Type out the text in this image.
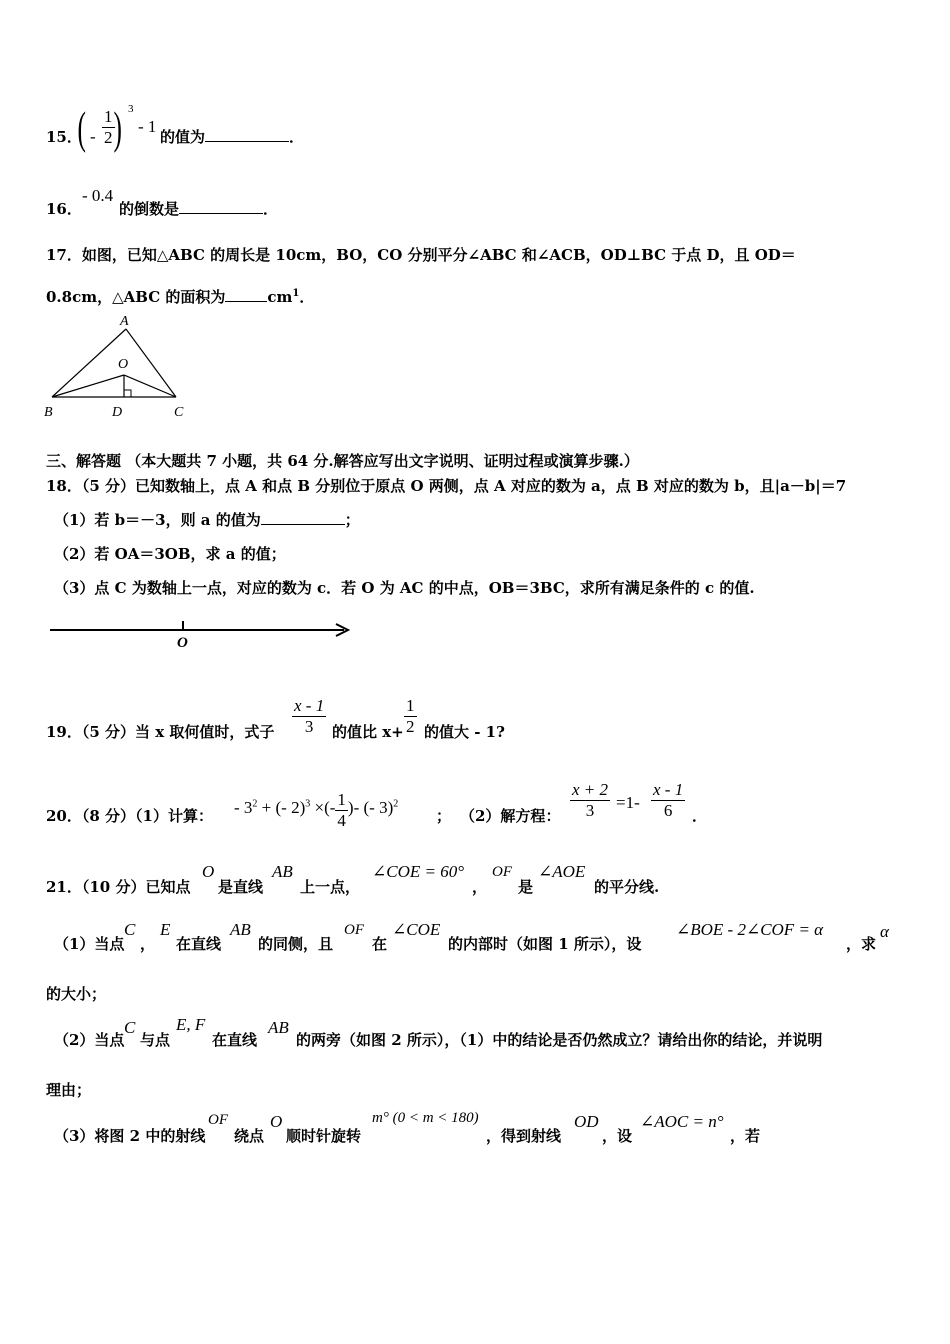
15．
( - $\frac{1}{2}$
) 3
- 1
的值为	．
16．
- 0.4
的倒数是	．
17．如图，已知△ABC 的周长是 10cm，BO，CO 分别平分∠ABC 和∠ACB，OD⊥BC 于点 D，且 OD＝
0.8cm，△ABC 的面积为	$cm^1$．
A
O
B	D	C
三、解答题 （本大题共 7 小题，共 64 分.解答应写出文字说明、证明过程或演算步骤.）
18．（5 分）已知数轴上，点 A 和点 B 分别位于原点 O 两侧，点 A 对应的数为 a，点 B 对应的数为 b，且|a－b|＝7
（1）若 b＝－3，则 a 的值为	；
（2）若 OA＝3OB，求 a 的值；
（3）点 C 为数轴上一点，对应的数为 c．若 O 为 AC 的中点，OB＝3BC，求所有满足条件的 c 的值.
O
19．（5 分）当 x 取何值时，式子 $\frac{x - 1}{3}$ 的值比 $x+ \frac{1}{2}$ 的值大 - 1?
20．（8 分）（1）计算： - $3^2$ + (- 2)$^3$ ×(- $\frac{1}{4}$ )- (- 3)$^2$
； （2）解方程： $\frac{x + 2}{3} =1- \frac{x - 1}{6}$ ．
21．（10 分）已知点
O
是直线
AB
上一点，
∠COE = 60°
，
OF
是
∠AOE
的平分线.
（1）当点
C
，
E
在直线
AB
的同侧，且
OF
在
∠COE
的内部时（如图 1 所示），设
∠BOE - 2∠COF = α
，求
α
的大小；
（2）当点
C
与点
E, F
在直线
AB
的两旁（如图 2 所示），（1）中的结论是否仍然成立？请给出你的结论，并说明
理由；
（3）将图 2 中的射线
OF
绕点
O
顺时针旋转
m° (0 < m < 180)
，得到射线
OD
，设
∠AOC = n°
，若
